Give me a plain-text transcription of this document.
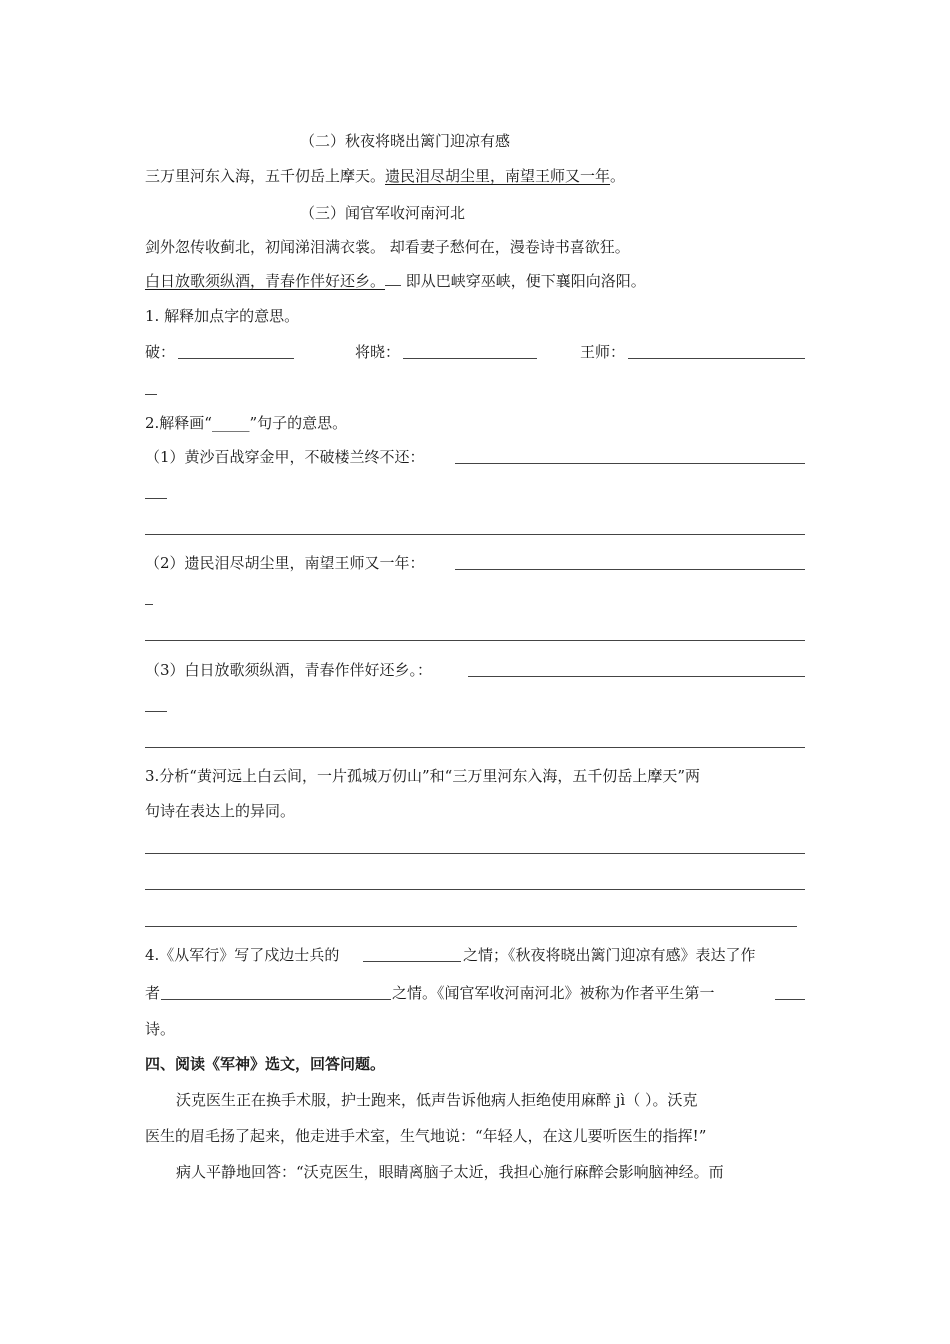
（二）秋夜将晓出篱门迎凉有感
三万里河东入海，五千仞岳上摩天。遗民泪尽胡尘里，南望王师又一年。
（三）闻官军收河南河北
剑外忽传收蓟北，初闻涕泪满衣裳。 却看妻子愁何在，漫卷诗书喜欲狂。
白日放歌须纵酒，青春作伴好还乡。 即从巴峡穿巫峡，便下襄阳向洛阳。
1. 解释加点字的意思。
破：	将晓：	王师：
2.解释画“_____”句子的意思。
（1）黄沙百战穿金甲，不破楼兰终不还：
（2）遗民泪尽胡尘里，南望王师又一年：
（3）白日放歌须纵酒，青春作伴好还乡。：
3.分析“黄河远上白云间，一片孤城万仞山”和“三万里河东入海，五千仞岳上摩天”两
句诗在表达上的异同。
4.《从军行》写了戍边士兵的	之情；《秋夜将晓出篱门迎凉有感》表达了作
者	之情。《闻官军收河南河北》被称为作者平生第一
诗。
四、阅读《军神》选文，回答问题。
沃克医生正在换手术服，护士跑来，低声告诉他病人拒绝使用麻醉 jì（ ）。沃克
医生的眉毛扬了起来，他走进手术室，生气地说：“年轻人，在这儿要听医生的指挥!”
病人平静地回答：“沃克医生，眼睛离脑子太近，我担心施行麻醉会影响脑神经。而
